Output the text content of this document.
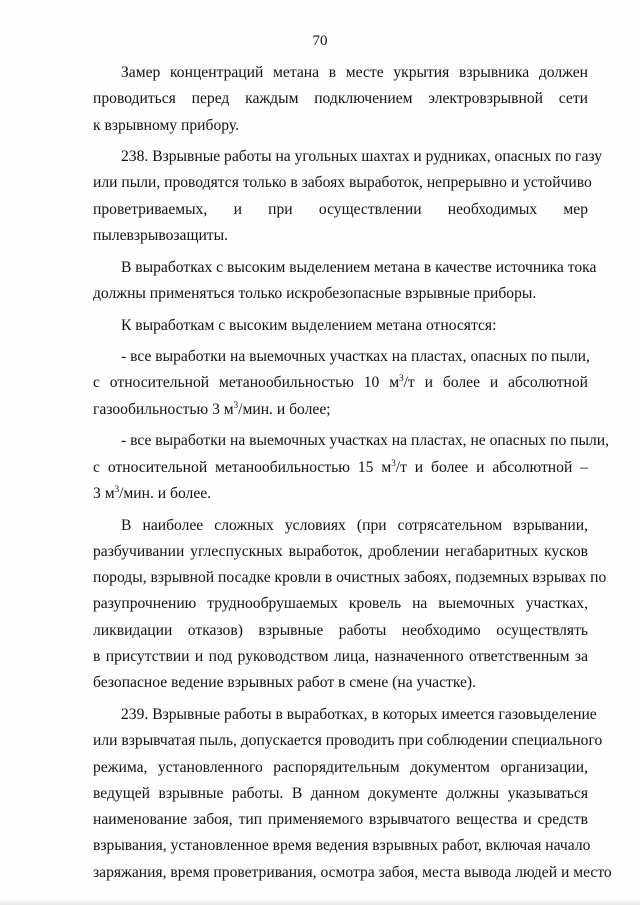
70
Замер концентраций метана в месте укрытия взрывника должен
проводиться перед каждым подключением электровзрывной сети
к взрывному прибору.
238. Взрывные работы на угольных шахтах и рудниках, опасных по газу
или пыли, проводятся только в забоях выработок, непрерывно и устойчиво
проветриваемых, и при осуществлении необходимых мер
пылевзрывозащиты.
В выработках с высоким выделением метана в качестве источника тока
должны применяться только искробезопасные взрывные приборы.
К выработкам с высоким выделением метана относятся:
- все выработки на выемочных участках на пластах, опасных по пыли,
с относительной метанообильностью 10 $м^3/т$ и более и абсолютной
газообильностью 3 $м^3$/мин. и более;
- все выработки на выемочных участках на пластах, не опасных по пыли,
с относительной метанообильностью 15 $м^3/т$ и более и абсолютной –
3 $м^3$/мин. и более.
В наиболее сложных условиях (при сотрясательном взрывании,
разбучивании углеспускных выработок, дроблении негабаритных кусков
породы, взрывной посадке кровли в очистных забоях, подземных взрывах по
разупрочнению труднообрушаемых кровель на выемочных участках,
ликвидации отказов) взрывные работы необходимо осуществлять
в присутствии и под руководством лица, назначенного ответственным за
безопасное ведение взрывных работ в смене (на участке).
239. Взрывные работы в выработках, в которых имеется газовыделение
или взрывчатая пыль, допускается проводить при соблюдении специального
режима, установленного распорядительным документом организации,
ведущей взрывные работы. В данном документе должны указываться
наименование забоя, тип применяемого взрывчатого вещества и средств
взрывания, установленное время ведения взрывных работ, включая начало
заряжания, время проветривания, осмотра забоя, места вывода людей и место
